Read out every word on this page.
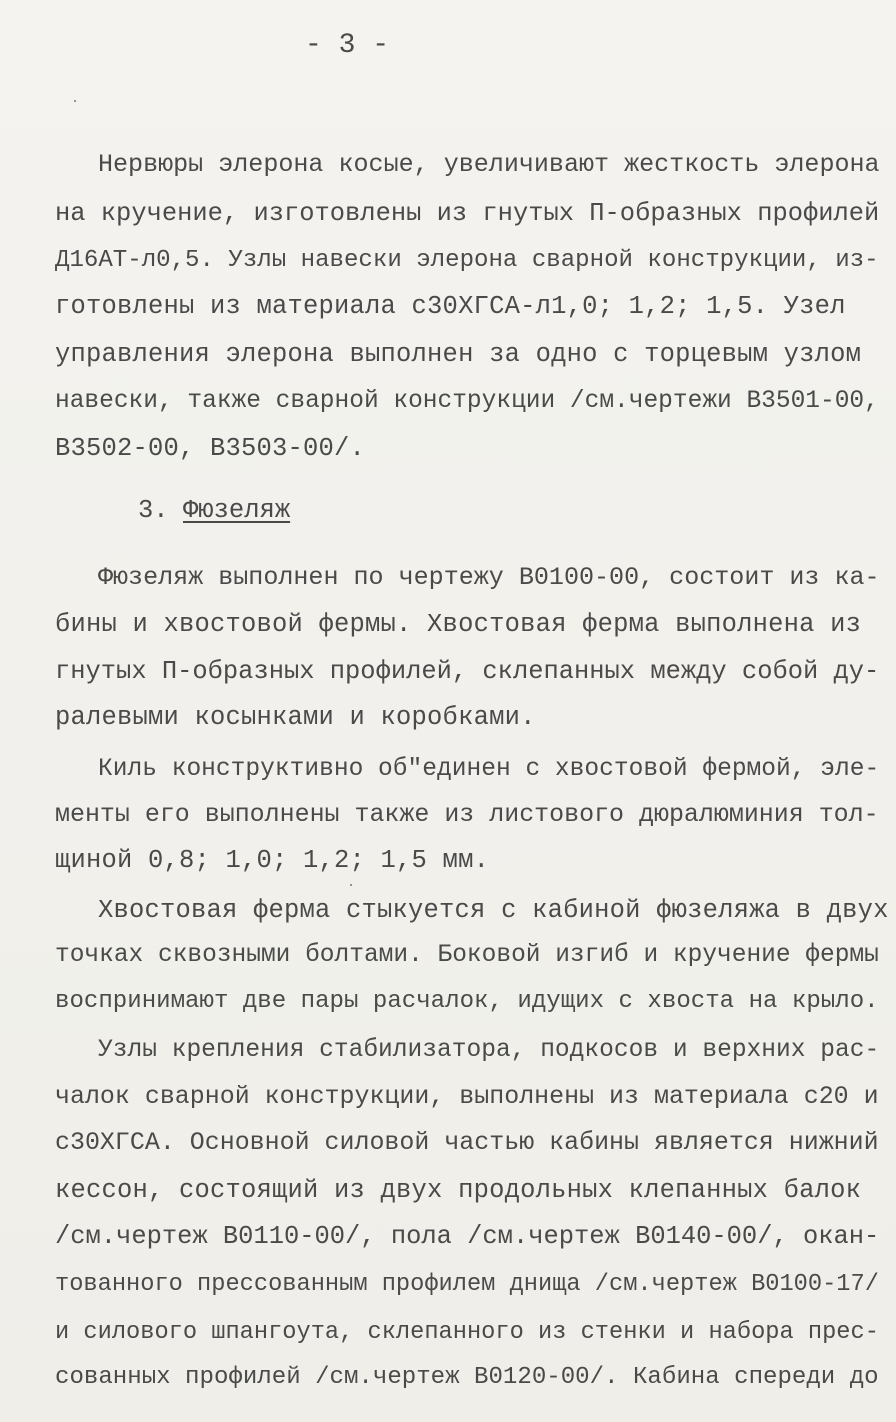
- 3 -
Нервюры элерона косые, увеличивают жесткость элерона
на кручение, изготовлены из гнутых П-образных профилей
Д16АТ-л0,5. Узлы навески элерона сварной конструкции, из-
готовлены из материала с30ХГСА-л1,0; 1,2; 1,5. Узел
управления элерона выполнен за одно с торцевым узлом
навески, также сварной конструкции /см.чертежи В3501-00,
В3502-00, В3503-00/.
3. Фюзеляж
Фюзеляж выполнен по чертежу В0100-00, состоит из ка-
бины и хвостовой фермы. Хвостовая ферма выполнена из
гнутых П-образных профилей, склепанных между собой ду-
ралевыми косынками и коробками.
Киль конструктивно об"единен с хвостовой фермой, эле-
менты его выполнены также из листового дюралюминия тол-
щиной 0,8; 1,0; 1,2; 1,5 мм.
Хвостовая ферма стыкуется с кабиной фюзеляжа в двух
точках сквозными болтами. Боковой изгиб и кручение фермы
воспринимают две пары расчалок, идущих с хвоста на крыло.
Узлы крепления стабилизатора, подкосов и верхних рас-
чалок сварной конструкции, выполнены из материала с20 и
с30ХГСА. Основной силовой частью кабины является нижний
кессон, состоящий из двух продольных клепанных балок
/см.чертеж В0110-00/, пола /см.чертеж В0140-00/, окан-
тованного прессованным профилем днища /см.чертеж В0100-17/
и силового шпангоута, склепанного из стенки и набора прес-
сованных профилей /см.чертеж В0120-00/. Кабина спереди до
